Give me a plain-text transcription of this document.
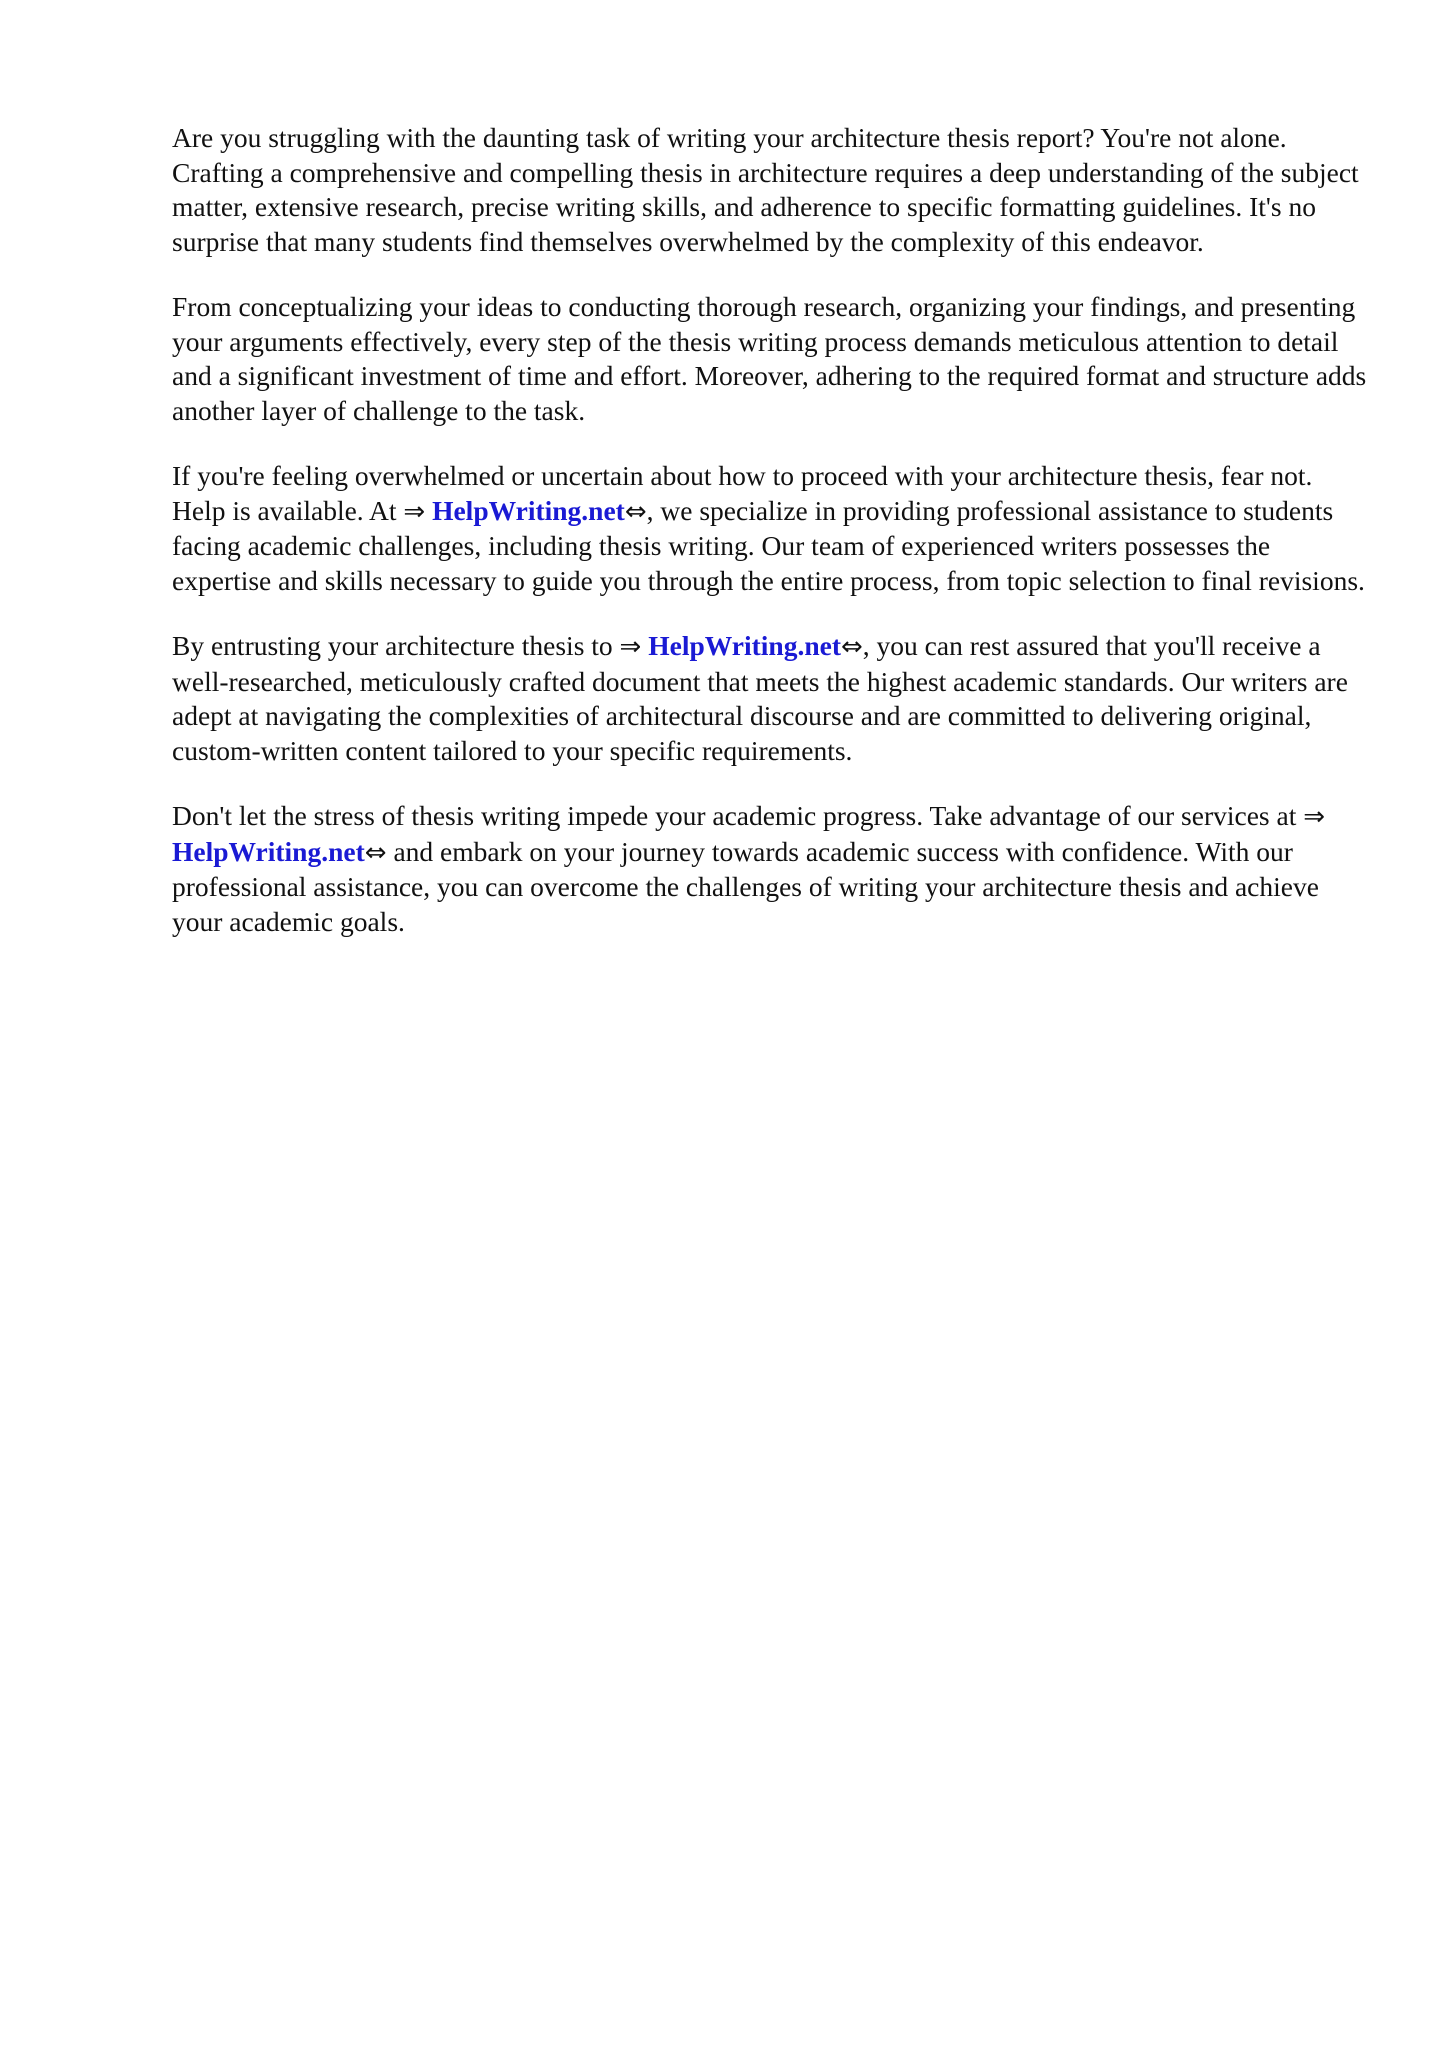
Are you struggling with the daunting task of writing your architecture thesis report? You're not alone. Crafting a comprehensive and compelling thesis in architecture requires a deep understanding of the subject matter, extensive research, precise writing skills, and adherence to specific formatting guidelines. It's no surprise that many students find themselves overwhelmed by the complexity of this endeavor.

From conceptualizing your ideas to conducting thorough research, organizing your findings, and presenting your arguments effectively, every step of the thesis writing process demands meticulous attention to detail and a significant investment of time and effort. Moreover, adhering to the required format and structure adds another layer of challenge to the task.

If you're feeling overwhelmed or uncertain about how to proceed with your architecture thesis, fear not. Help is available. At ⇒ HelpWriting.net⇔, we specialize in providing professional assistance to students facing academic challenges, including thesis writing. Our team of experienced writers possesses the expertise and skills necessary to guide you through the entire process, from topic selection to final revisions.

By entrusting your architecture thesis to ⇒ HelpWriting.net⇔, you can rest assured that you'll receive a well-researched, meticulously crafted document that meets the highest academic standards. Our writers are adept at navigating the complexities of architectural discourse and are committed to delivering original, custom-written content tailored to your specific requirements.

Don't let the stress of thesis writing impede your academic progress. Take advantage of our services at ⇒ HelpWriting.net⇔ and embark on your journey towards academic success with confidence. With our professional assistance, you can overcome the challenges of writing your architecture thesis and achieve your academic goals.
